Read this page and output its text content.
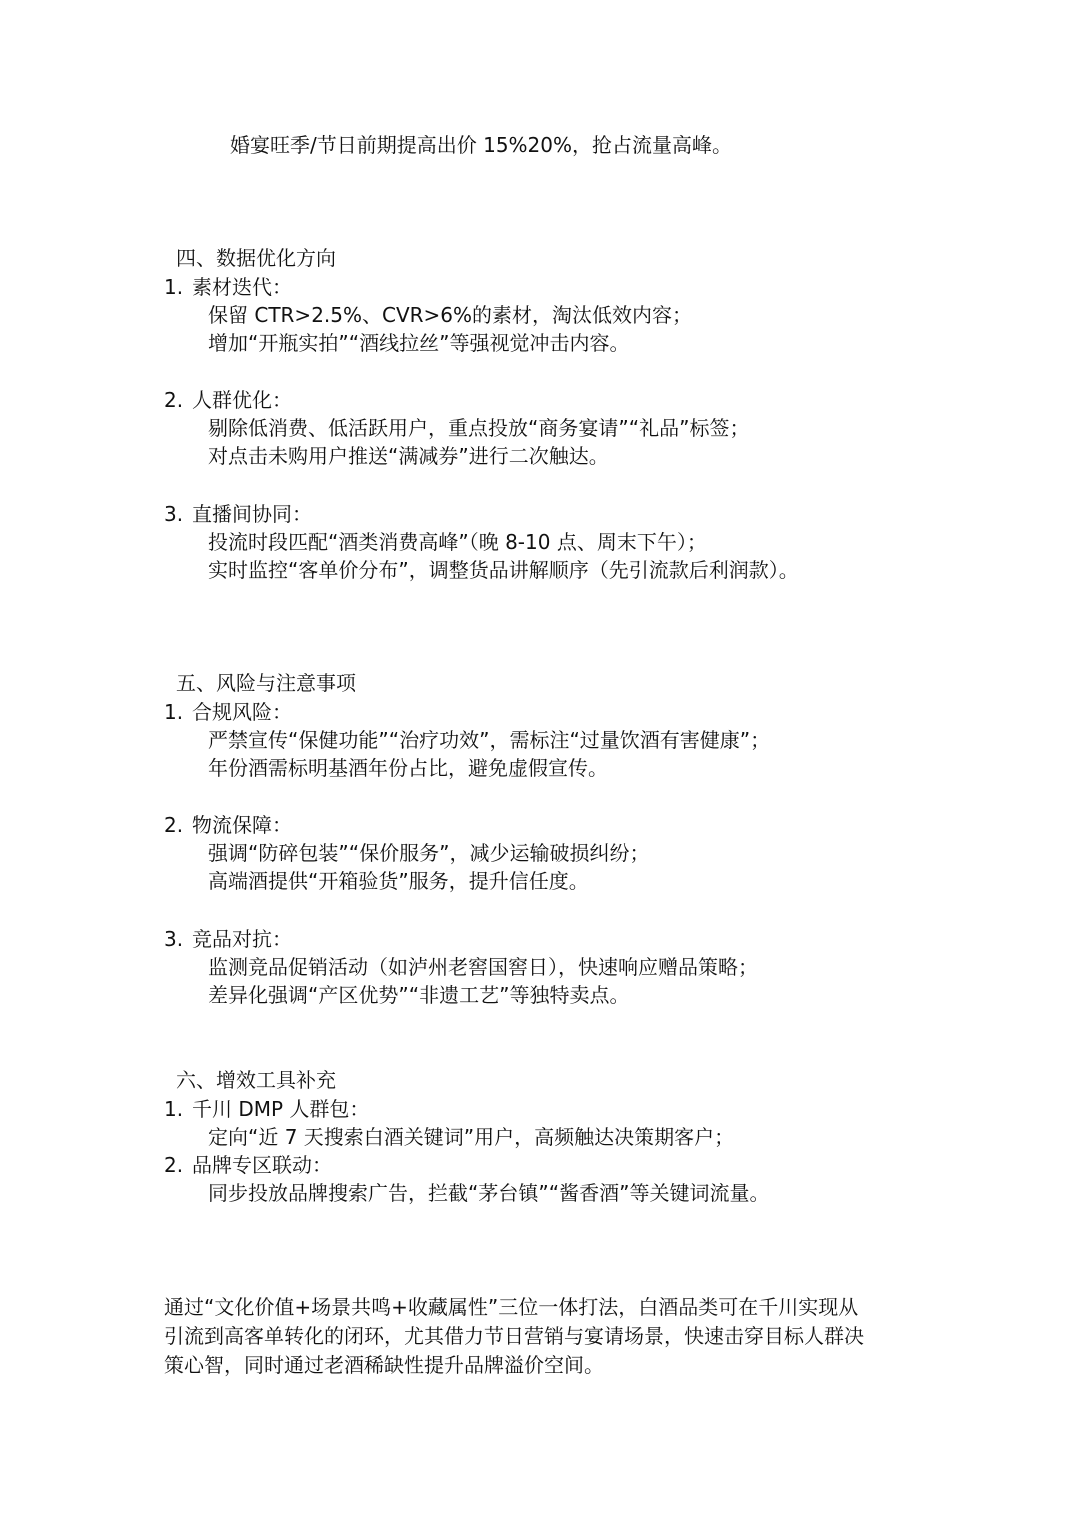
婚宴旺季/节日前期提高出价 15%20%，抢占流量高峰。
四、数据优化方向
1. 素材迭代：
保留 CTR>2.5%、CVR>6%的素材，淘汰低效内容；
增加“开瓶实拍”“酒线拉丝”等强视觉冲击内容。
2. 人群优化：
剔除低消费、低活跃用户，重点投放“商务宴请”“礼品”标签；
对点击未购用户推送“满减券”进行二次触达。
3. 直播间协同：
投流时段匹配“酒类消费高峰”（晚 8-10 点、周末下午）；
实时监控“客单价分布”，调整货品讲解顺序（先引流款后利润款）。
五、风险与注意事项
1. 合规风险：
严禁宣传“保健功能”“治疗功效”，需标注“过量饮酒有害健康”；
年份酒需标明基酒年份占比，避免虚假宣传。
2. 物流保障：
强调“防碎包装”“保价服务”，减少运输破损纠纷；
高端酒提供“开箱验货”服务，提升信任度。
3. 竞品对抗：
监测竞品促销活动（如泸州老窖国窖日），快速响应赠品策略；
差异化强调“产区优势”“非遗工艺”等独特卖点。
六、增效工具补充
1. 千川 DMP 人群包：
定向“近 7 天搜索白酒关键词”用户，高频触达决策期客户；
2. 品牌专区联动：
同步投放品牌搜索广告，拦截“茅台镇”“酱香酒”等关键词流量。
通过“文化价值+场景共鸣+收藏属性”三位一体打法，白酒品类可在千川实现从
引流到高客单转化的闭环，尤其借力节日营销与宴请场景，快速击穿目标人群决
策心智，同时通过老酒稀缺性提升品牌溢价空间。
